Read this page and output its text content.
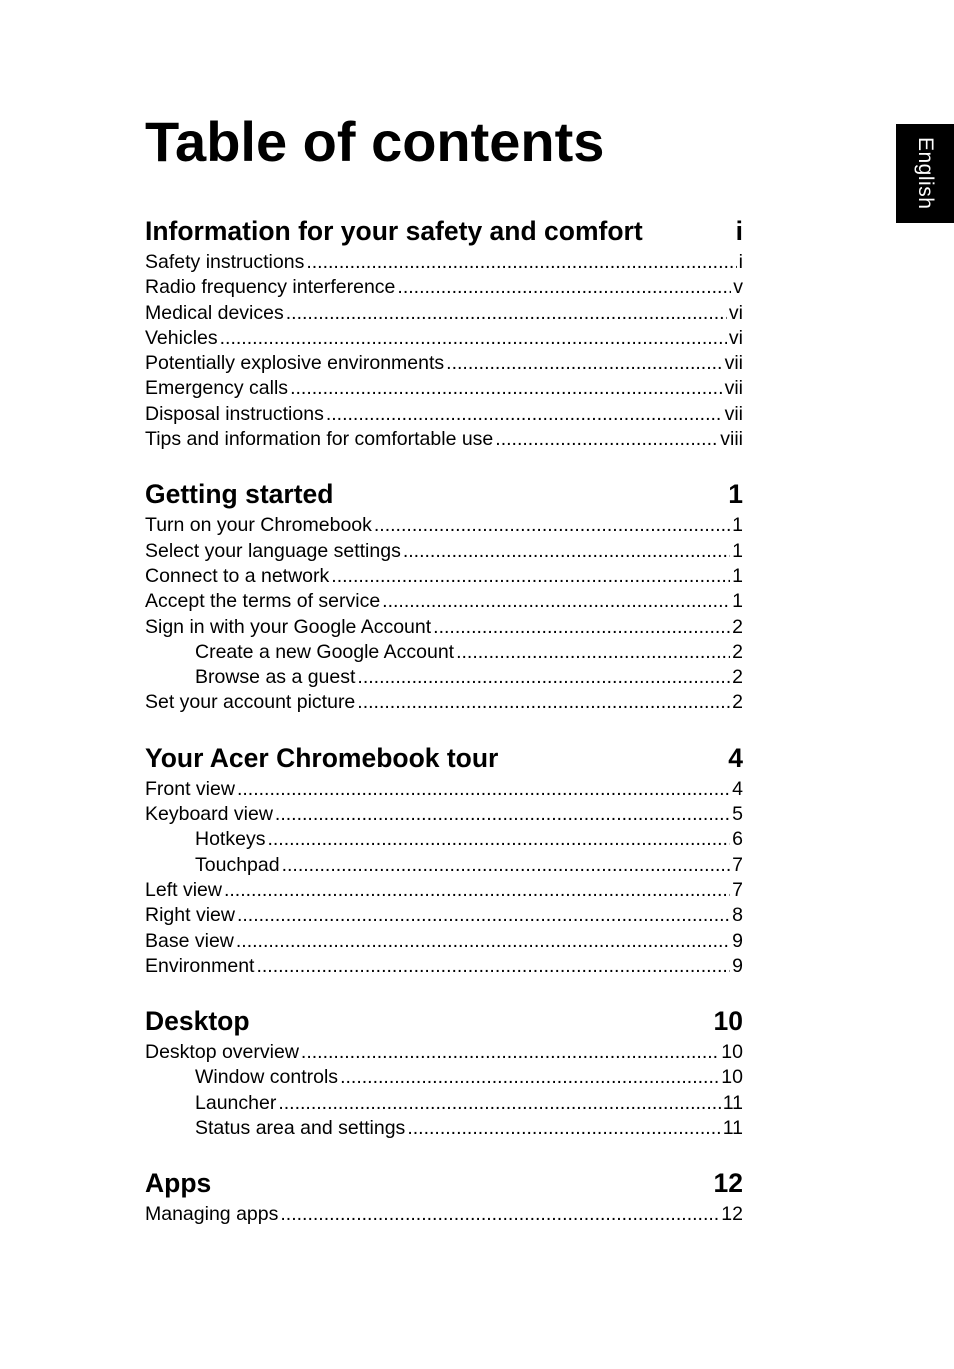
English
Table of contents
Information for your safety and comfort	i
Safety instructions .....	i
Radio frequency interference .....	v
Medical devices .....	vi
Vehicles .....	vi
Potentially explosive environments .....	vii
Emergency calls .....	vii
Disposal instructions .....	vii
Tips and information for comfortable use .....	viii
Getting started	1
Turn on your Chromebook .....	1
Select your language settings .....	1
Connect to a network .....	1
Accept the terms of service .....	1
Sign in with your Google Account .....	2
Create a new Google Account .....	2
Browse as a guest .....	2
Set your account picture .....	2
Your Acer Chromebook tour	4
Front view .....	4
Keyboard view .....	5
Hotkeys .....	6
Touchpad .....	7
Left view .....	7
Right view .....	8
Base view .....	9
Environment .....	9
Desktop	10
Desktop overview .....	10
Window controls .....	10
Launcher .....	11
Status area and settings .....	11
Apps	12
Managing apps .....	12
